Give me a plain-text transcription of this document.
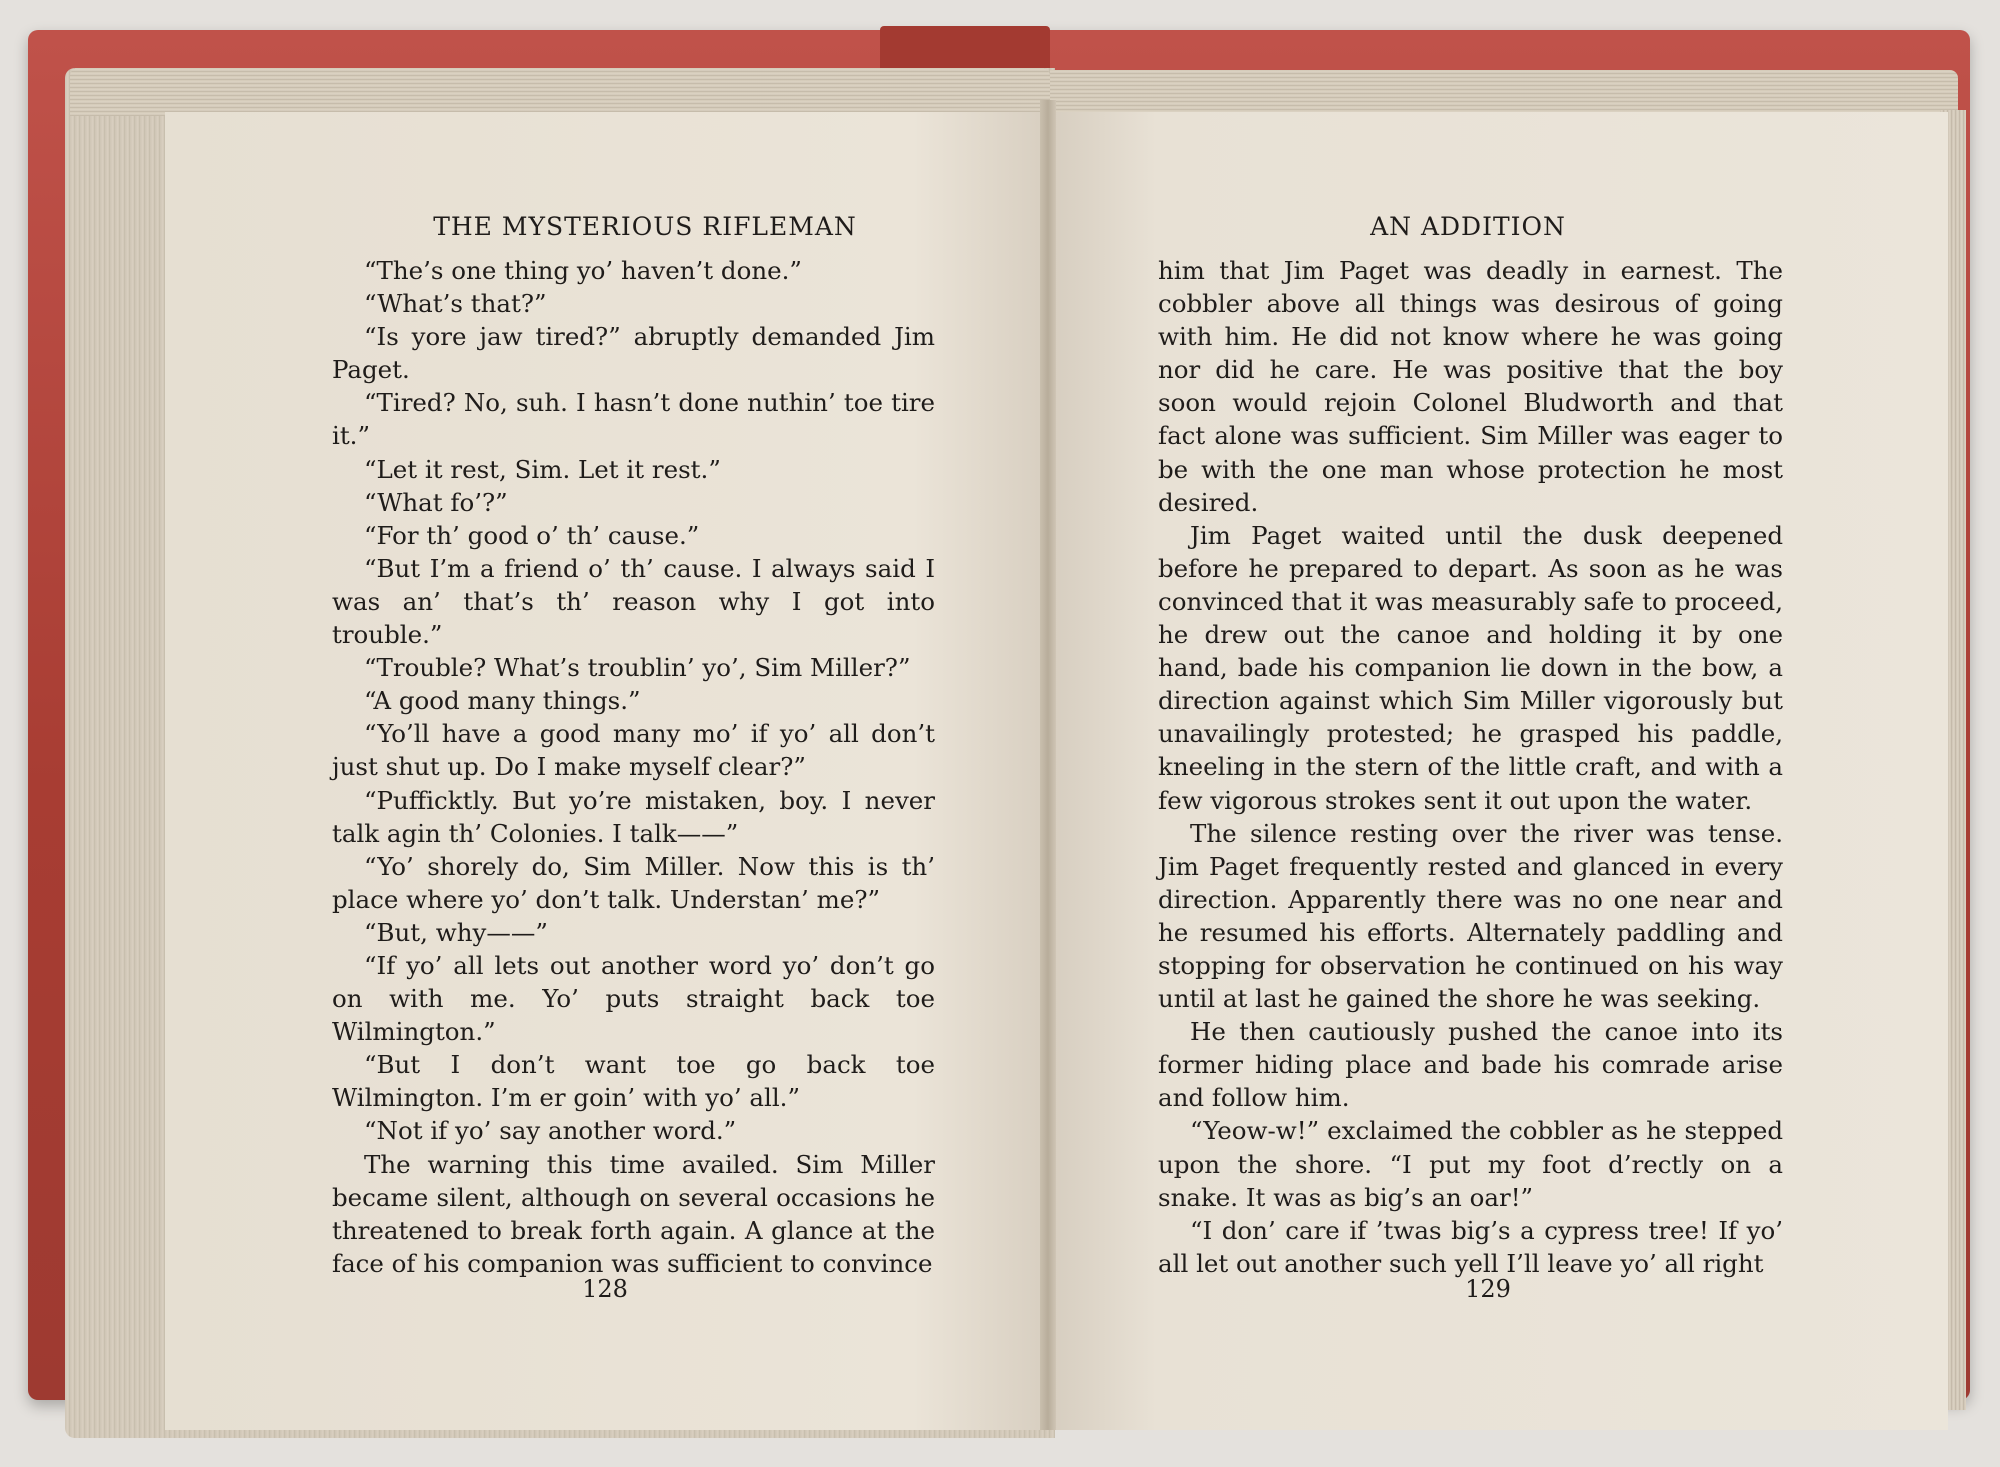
THE MYSTERIOUS RIFLEMAN

“The’s one thing yo’ haven’t done.”

“What’s that?”

“Is yore jaw tired?” abruptly demanded Jim Paget.

“Tired? No, suh. I hasn’t done nuthin’ toe tire it.”

“Let it rest, Sim. Let it rest.”

“What fo’?”

“For th’ good o’ th’ cause.”

“But I’m a friend o’ th’ cause. I always said I was an’ that’s th’ reason why I got into trouble.”

“Trouble? What’s troublin’ yo’, Sim Miller?”

“A good many things.”

“Yo’ll have a good many mo’ if yo’ all don’t just shut up. Do I make myself clear?”

“Pufficktly. But yo’re mistaken, boy. I never talk agin th’ Colonies. I talk——”

“Yo’ shorely do, Sim Miller. Now this is th’ place where yo’ don’t talk. Understan’ me?”

“But, why——”

“If yo’ all lets out another word yo’ don’t go on with me. Yo’ puts straight back toe Wilmington.”

“But I don’t want toe go back toe Wilmington. I’m er goin’ with yo’ all.”

“Not if yo’ say another word.”

The warning this time availed. Sim Miller became silent, although on several occasions he threatened to break forth again. A glance at the face of his companion was sufficient to convince

128
AN ADDITION

him that Jim Paget was deadly in earnest. The cobbler above all things was desirous of going with him. He did not know where he was going nor did he care. He was positive that the boy soon would rejoin Colonel Bludworth and that fact alone was sufficient. Sim Miller was eager to be with the one man whose protection he most desired.

Jim Paget waited until the dusk deepened before he prepared to depart. As soon as he was convinced that it was measurably safe to proceed, he drew out the canoe and holding it by one hand, bade his companion lie down in the bow, a direction against which Sim Miller vigorously but unavailingly protested; he grasped his paddle, kneeling in the stern of the little craft, and with a few vigorous strokes sent it out upon the water.

The silence resting over the river was tense. Jim Paget frequently rested and glanced in every direction. Apparently there was no one near and he resumed his efforts. Alternately paddling and stopping for observation he continued on his way until at last he gained the shore he was seeking.

He then cautiously pushed the canoe into its former hiding place and bade his comrade arise and follow him.

“Yeow-w!” exclaimed the cobbler as he stepped upon the shore. “I put my foot d’rectly on a snake. It was as big’s an oar!”

“I don’ care if ’twas big’s a cypress tree! If yo’ all let out another such yell I’ll leave yo’ all right

129
